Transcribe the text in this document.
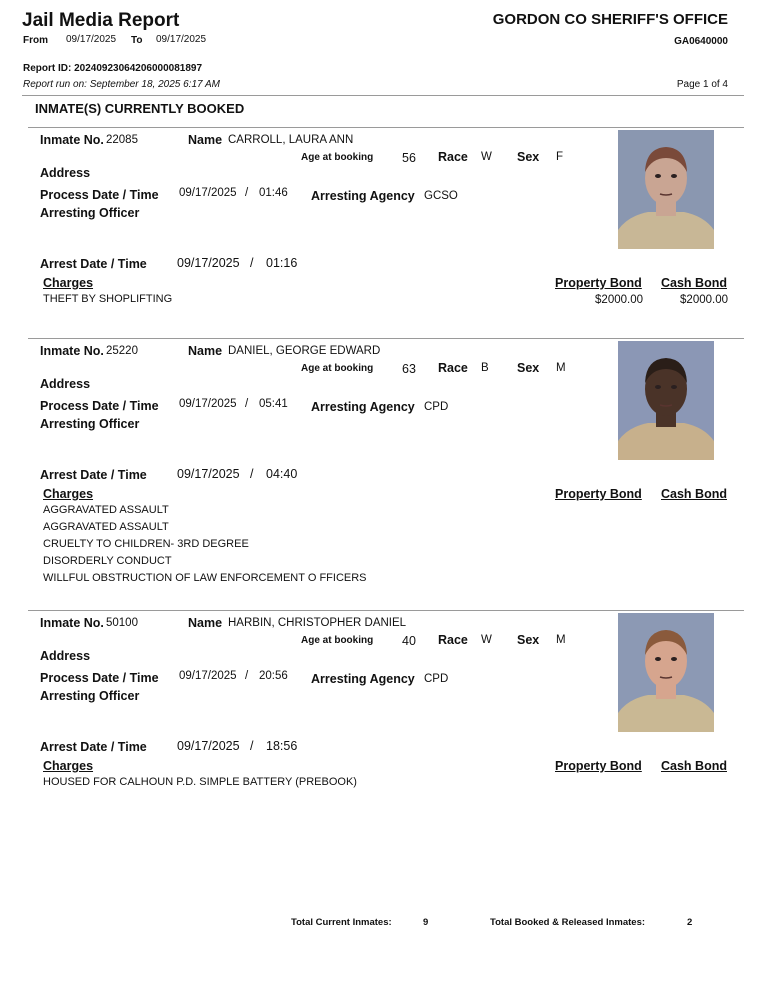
Jail Media Report	GORDON CO SHERIFF'S OFFICE
From 09/17/2025 To 09/17/2025	GA0640000
Report ID: 20240923064206000081897
Report run on: September 18, 2025 6:17 AM	Page 1 of 4
INMATE(S) CURRENTLY BOOKED
Inmate No. 22085	Name CARROLL, LAURA ANN
Age at booking 56 Race W Sex F
Address
Process Date / Time 09/17/2025 / 01:46 Arresting Agency GCSO
Arresting Officer
Arrest Date / Time 09/17/2025 / 01:16
Charges	Property Bond Cash Bond
THEFT BY SHOPLIFTING	$2000.00	$2000.00
Inmate No. 25220	Name DANIEL, GEORGE EDWARD
Age at booking 63 Race B Sex M
Address
Process Date / Time 09/17/2025 / 05:41 Arresting Agency CPD
Arresting Officer
Arrest Date / Time 09/17/2025 / 04:40
Charges	Property Bond Cash Bond
AGGRAVATED ASSAULT
AGGRAVATED ASSAULT
CRUELTY TO CHILDREN- 3RD DEGREE
DISORDERLY CONDUCT
WILLFUL OBSTRUCTION OF LAW ENFORCEMENT O FFICERS
Inmate No. 50100	Name HARBIN, CHRISTOPHER DANIEL
Age at booking 40 Race W Sex M
Address
Process Date / Time 09/17/2025 / 20:56 Arresting Agency CPD
Arresting Officer
Arrest Date / Time 09/17/2025 / 18:56
Charges	Property Bond Cash Bond
HOUSED FOR CALHOUN P.D. SIMPLE BATTERY (PREBOOK)
Total Current Inmates:	9	Total Booked & Released Inmates:	2
